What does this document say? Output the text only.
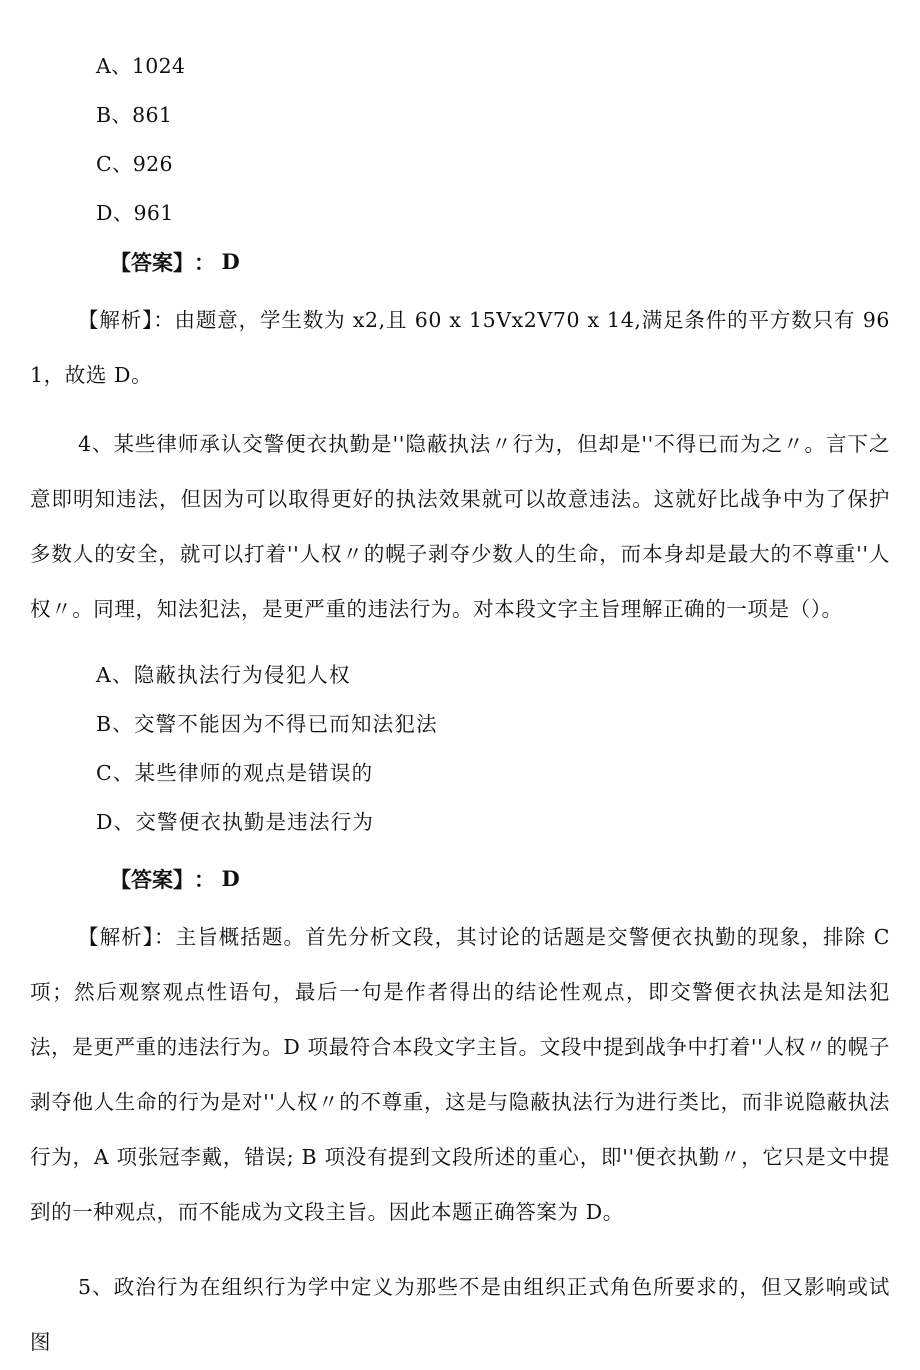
A、1024
B、861
C、926
D、961
【答案】 ： D
【解析】：由题意，学生数为 x2,且 60 x 15Vx2V70 x 14,满足条件的平方数只有 961，故选 D。
4、某些律师承认交警便衣执勤是''隐蔽执法〃行为，但却是''不得已而为之〃。言下之意即明知违法，但因为可以取得更好的执法效果就可以故意违法。这就好比战争中为了保护多数人的安全，就可以打着''人权〃的幌子剥夺少数人的生命，而本身却是最大的不尊重''人权〃。同理，知法犯法，是更严重的违法行为。对本段文字主旨理解正确的一项是（）。
A、隐蔽执法行为侵犯人权
B、交警不能因为不得已而知法犯法
C、某些律师的观点是错误的
D、交警便衣执勤是违法行为
【答案】 ： D
【解析】：主旨概括题。首先分析文段，其讨论的话题是交警便衣执勤的现象，排除 C 项；然后观察观点性语句，最后一句是作者得出的结论性观点，即交警便衣执法是知法犯法，是更严重的违法行为。D 项最符合本段文字主旨。文段中提到战争中打着''人权〃的幌子剥夺他人生命的行为是对''人权〃的不尊重，这是与隐蔽执法行为进行类比，而非说隐蔽执法行为，A 项张冠李戴，错误; B 项没有提到文段所述的重心，即''便衣执勤〃，它只是文中提到的一种观点，而不能成为文段主旨。因此本题正确答案为 D。
5、政治行为在组织行为学中定义为那些不是由组织正式角色所要求的，但又影响或试图
